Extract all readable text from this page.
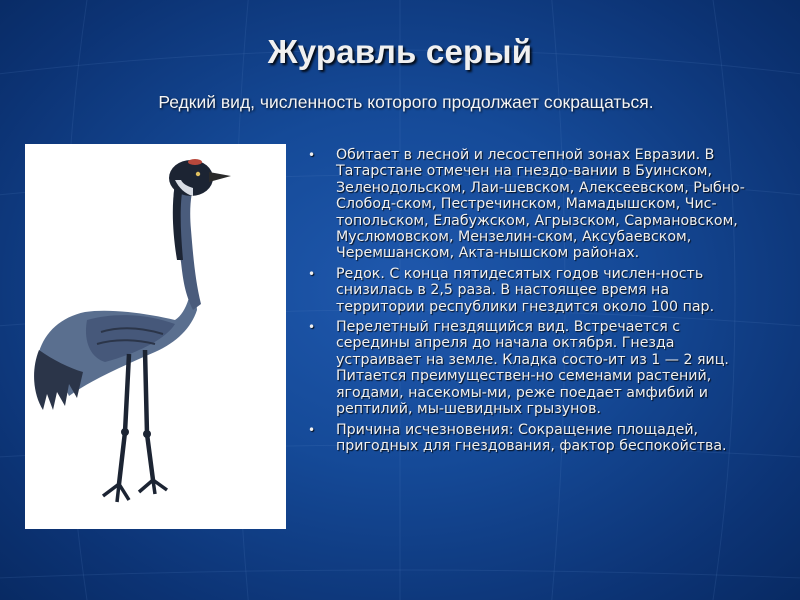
Журавль серый
Редкий вид, численность которого продолжает сокращаться.
• Обитает в лесной и лесостепной зонах Евразии. В Татарстане отмечен на гнездо-вании в Буинском, Зеленодольском, Лаи-шевском, Алексеевском, Рыбно-Слобод-ском, Пестречинском, Мамадышском, Чис-топольском, Елабужском, Агрызском, Сармановском, Муслюмовском, Мензелин-ском, Аксубаевском, Черемшанском, Акта-нышском районах.
• Редок. С конца пятидесятых годов числен-ность снизилась в 2,5 раза. В настоящее время на территории республики гнездится около 100 пар.
• Перелетный гнездящийся вид. Встречается с середины апреля до начала октября. Гнезда устраивает на земле. Кладка состо-ит из 1 — 2 яиц. Питается преимуществен-но семенами растений, ягодами, насекомы-ми, реже поедает амфибий и рептилий, мы-шевидных грызунов.
• Причина исчезновения: Сокращение площадей, пригодных для гнездования, фактор беспокойства.
